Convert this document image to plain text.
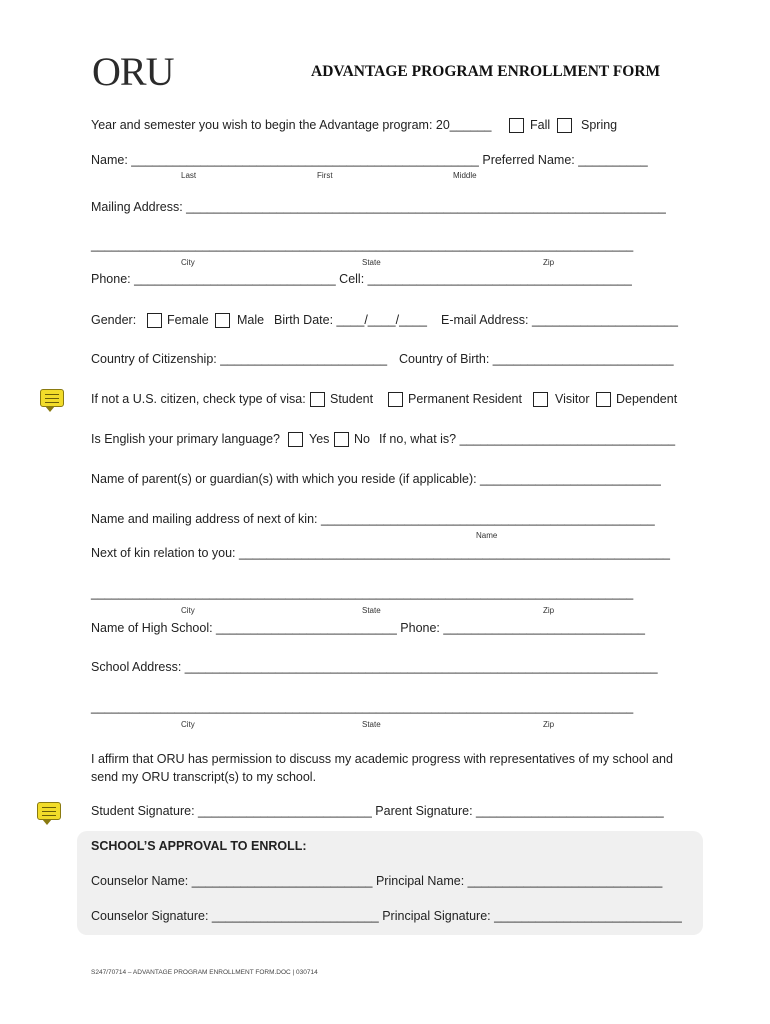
ORU	ADVANTAGE PROGRAM ENROLLMENT FORM
Year and semester you wish to begin the Advantage program: 20______	Fall Spring
Name: __________________________________________________ Preferred Name: __________
Last	First	Middle
Mailing Address: _____________________________________________________________________
______________________________________________________________________________
City	State	Zip
Phone: _____________________________ Cell: ______________________________________
Gender: Female Male Birth Date: ____/____/____ E-mail Address: _____________________
Country of Citizenship: ________________________ Country of Birth: __________________________
If not a U.S. citizen, check type of visa: Student	Permanent Resident	Visitor Dependent
Is English your primary language? Yes No If no, what is? _______________________________
Name of parent(s) or guardian(s) with which you reside (if applicable): __________________________
Name and mailing address of next of kin: ________________________________________________
Name
Next of kin relation to you: ______________________________________________________________
______________________________________________________________________________
City	State	Zip
Name of High School: __________________________ Phone: _____________________________
School Address: ____________________________________________________________________
______________________________________________________________________________
City	State	Zip
I affirm that ORU has permission to discuss my academic progress with representatives of my school and
send my ORU transcript(s) to my school.
Student Signature: _________________________ Parent Signature: ___________________________
SCHOOL’S APPROVAL TO ENROLL:
Counselor Name: __________________________ Principal Name: ____________________________
Counselor Signature: ________________________ Principal Signature: ___________________________
S247/70714 – ADVANTAGE PROGRAM ENROLLMENT FORM.DOC | 030714
